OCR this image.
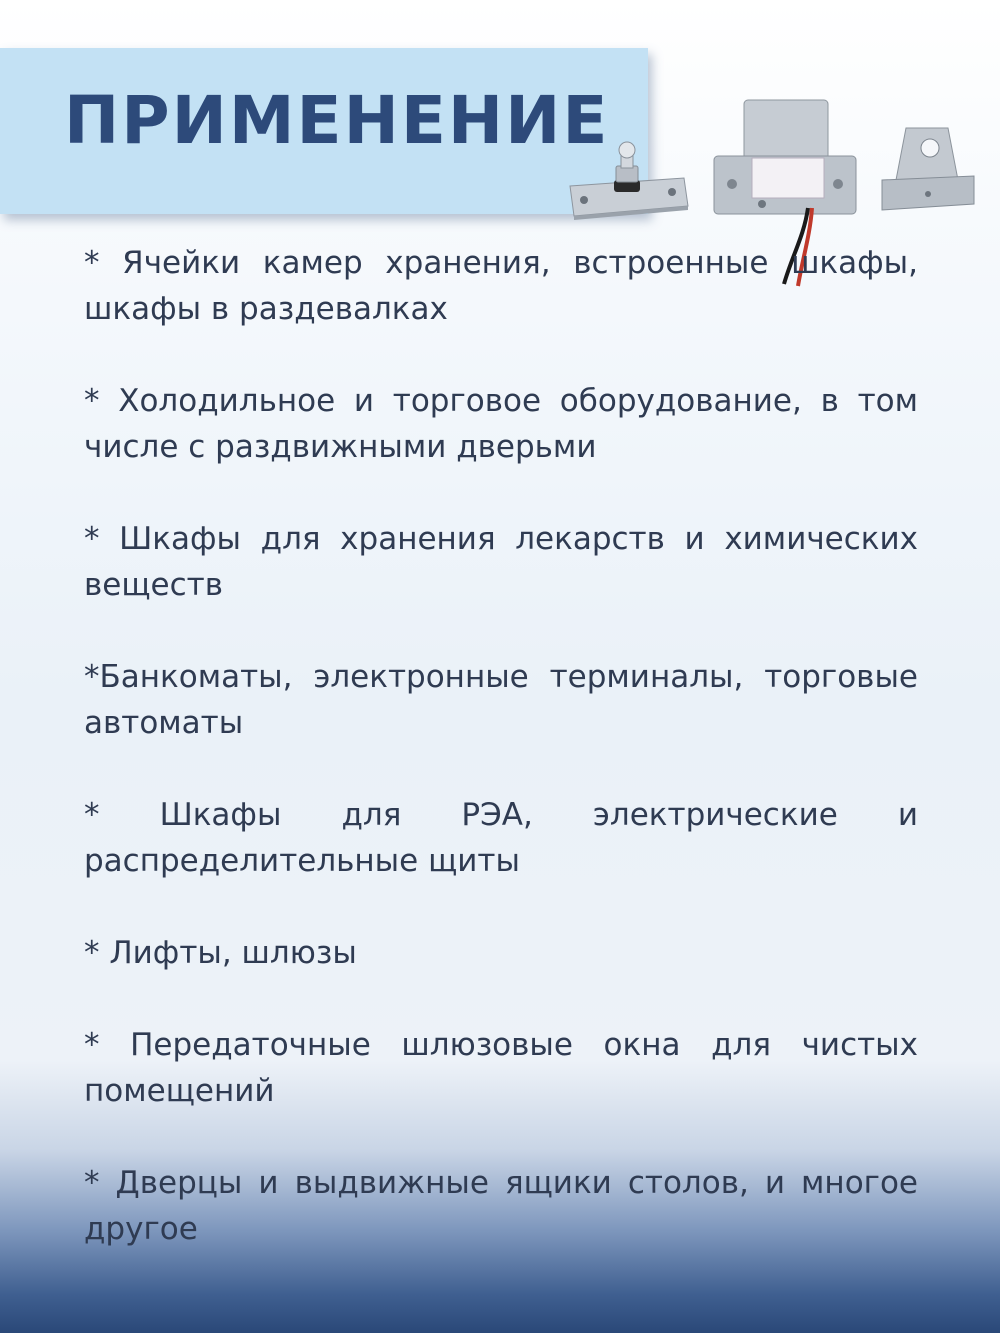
ПРИМЕНЕНИЕ
* Ячейки камер хранения, встроенные шкафы, шкафы в раздевалках
* Холодильное и торговое оборудование, в том числе с раздвижными дверьми
* Шкафы для хранения лекарств и химических веществ
*Банкоматы, электронные терминалы, торговые автоматы
* Шкафы для РЭА, электрические и распределительные щиты
* Лифты, шлюзы
* Передаточные шлюзовые окна для чистых помещений
* Дверцы и выдвижные ящики столов, и многое другое
